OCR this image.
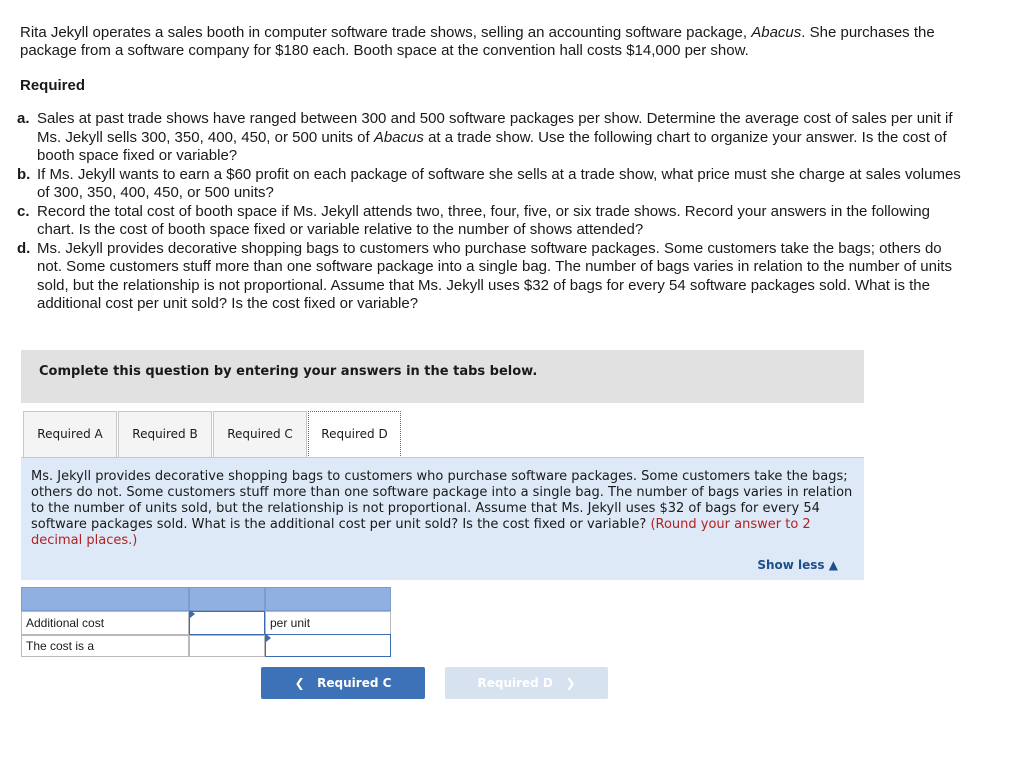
Rita Jekyll operates a sales booth in computer software trade shows, selling an accounting software package, Abacus. She purchases the package from a software company for $180 each. Booth space at the convention hall costs $14,000 per show.
Required
a. Sales at past trade shows have ranged between 300 and 500 software packages per show. Determine the average cost of sales per unit if Ms. Jekyll sells 300, 350, 400, 450, or 500 units of Abacus at a trade show. Use the following chart to organize your answer. Is the cost of booth space fixed or variable?
b. If Ms. Jekyll wants to earn a $60 profit on each package of software she sells at a trade show, what price must she charge at sales volumes of 300, 350, 400, 450, or 500 units?
c. Record the total cost of booth space if Ms. Jekyll attends two, three, four, five, or six trade shows. Record your answers in the following chart. Is the cost of booth space fixed or variable relative to the number of shows attended?
d. Ms. Jekyll provides decorative shopping bags to customers who purchase software packages. Some customers take the bags; others do not. Some customers stuff more than one software package into a single bag. The number of bags varies in relation to the number of units sold, but the relationship is not proportional. Assume that Ms. Jekyll uses $32 of bags for every 54 software packages sold. What is the additional cost per unit sold? Is the cost fixed or variable?
Complete this question by entering your answers in the tabs below.
Required A	Required B	Required C	Required D

Ms. Jekyll provides decorative shopping bags to customers who purchase software packages. Some customers take the bags; others do not. Some customers stuff more than one software package into a single bag. The number of bags varies in relation to the number of units sold, but the relationship is not proportional. Assume that Ms. Jekyll uses $32 of bags for every 54 software packages sold. What is the additional cost per unit sold? Is the cost fixed or variable? (Round your answer to 2 decimal places.)

Show less ▲
Additional cost	per unit
The cost is a
❮ Required C	Required D ❯
